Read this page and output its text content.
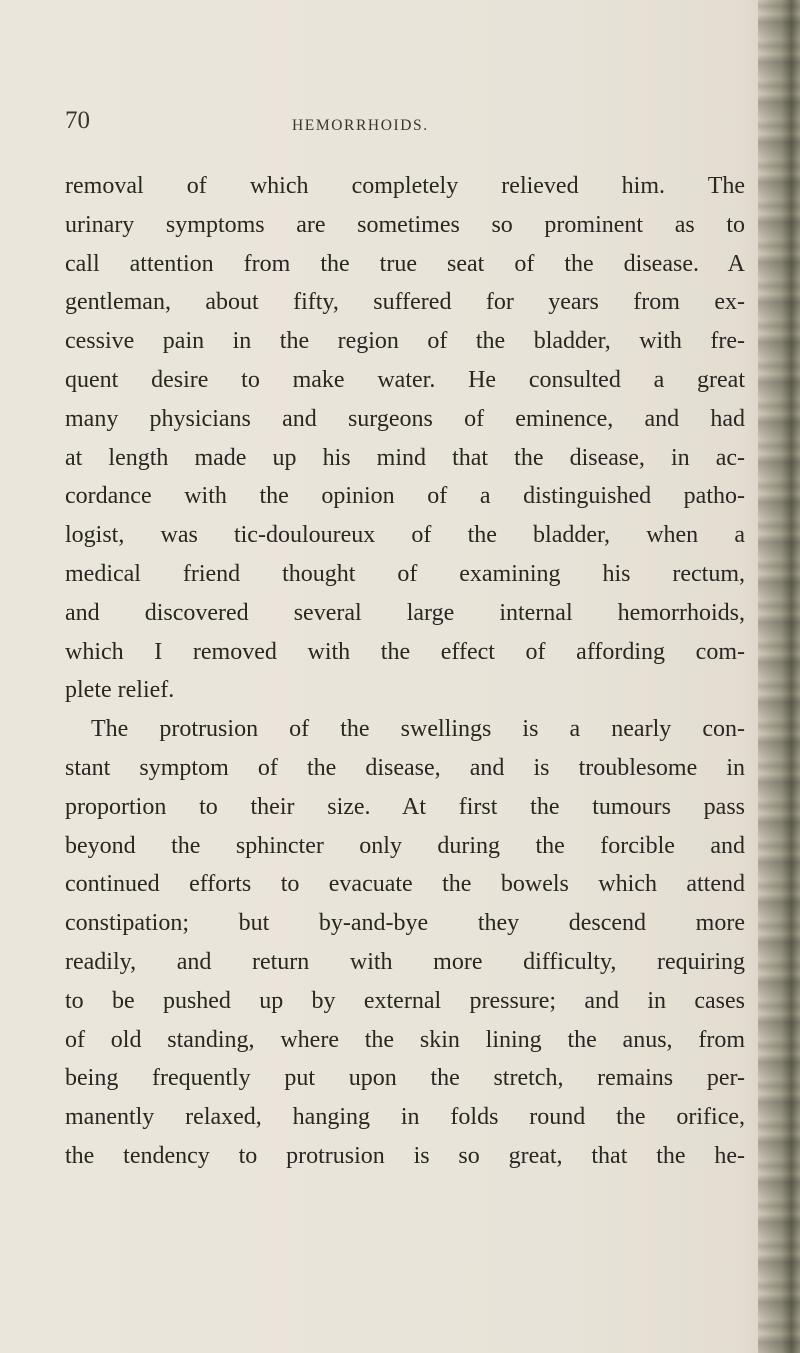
70	HEMORRHOIDS.
removal of which completely relieved him. The
urinary symptoms are sometimes so prominent as to
call attention from the true seat of the disease. A
gentleman, about fifty, suffered for years from ex-
cessive pain in the region of the bladder, with fre-
quent desire to make water. He consulted a great
many physicians and surgeons of eminence, and had
at length made up his mind that the disease, in ac-
cordance with the opinion of a distinguished patho-
logist, was tic-douloureux of the bladder, when a
medical friend thought of examining his rectum,
and discovered several large internal hemorrhoids,
which I removed with the effect of affording com-
plete relief.
The protrusion of the swellings is a nearly con-
stant symptom of the disease, and is troublesome in
proportion to their size. At first the tumours pass
beyond the sphincter only during the forcible and
continued efforts to evacuate the bowels which attend
constipation; but by-and-bye they descend more
readily, and return with more difficulty, requiring
to be pushed up by external pressure; and in cases
of old standing, where the skin lining the anus, from
being frequently put upon the stretch, remains per-
manently relaxed, hanging in folds round the orifice,
the tendency to protrusion is so great, that the he-
